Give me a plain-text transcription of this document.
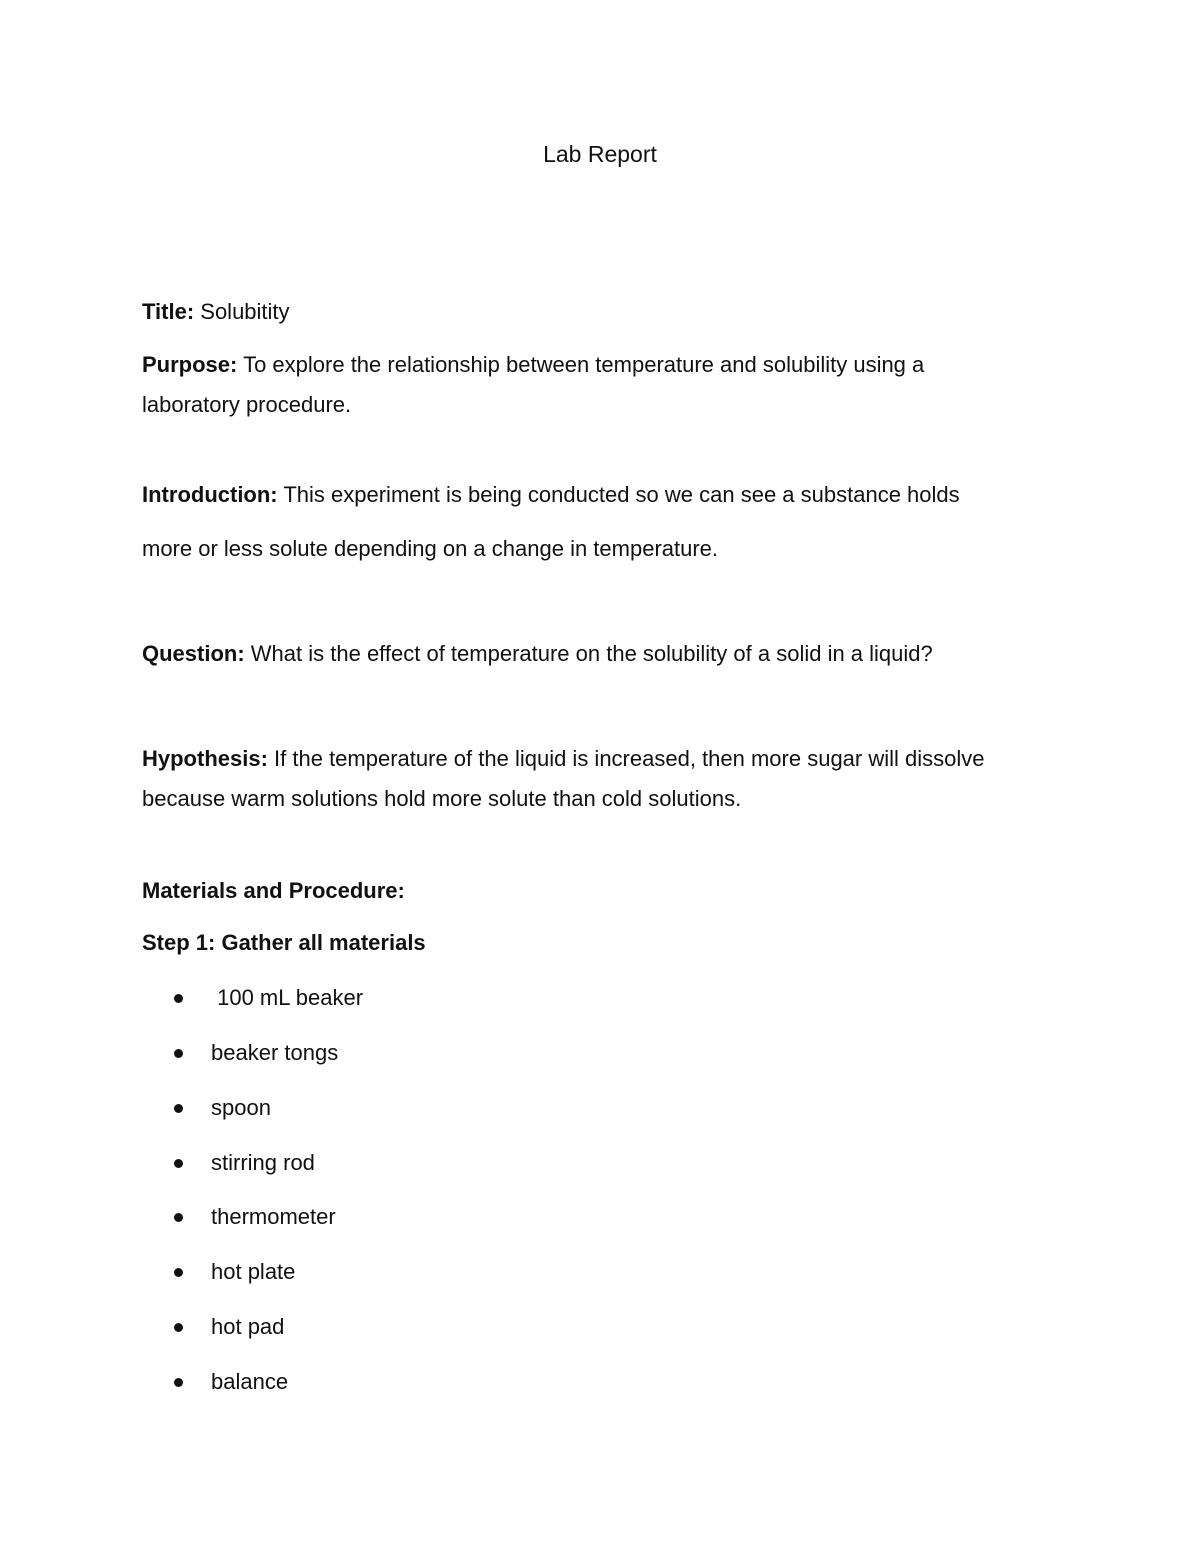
Lab Report
Title: Solubitity
Purpose: To explore the relationship between temperature and solubility using a
laboratory procedure.
Introduction: This experiment is being conducted so we can see a substance holds
more or less solute depending on a change in temperature.
Question: What is the effect of temperature on the solubility of a solid in a liquid?
Hypothesis: If the temperature of the liquid is increased, then more sugar will dissolve
because warm solutions hold more solute than cold solutions.
Materials and Procedure:
Step 1: Gather all materials
100 mL beaker
beaker tongs
spoon
stirring rod
thermometer
hot plate
hot pad
balance
